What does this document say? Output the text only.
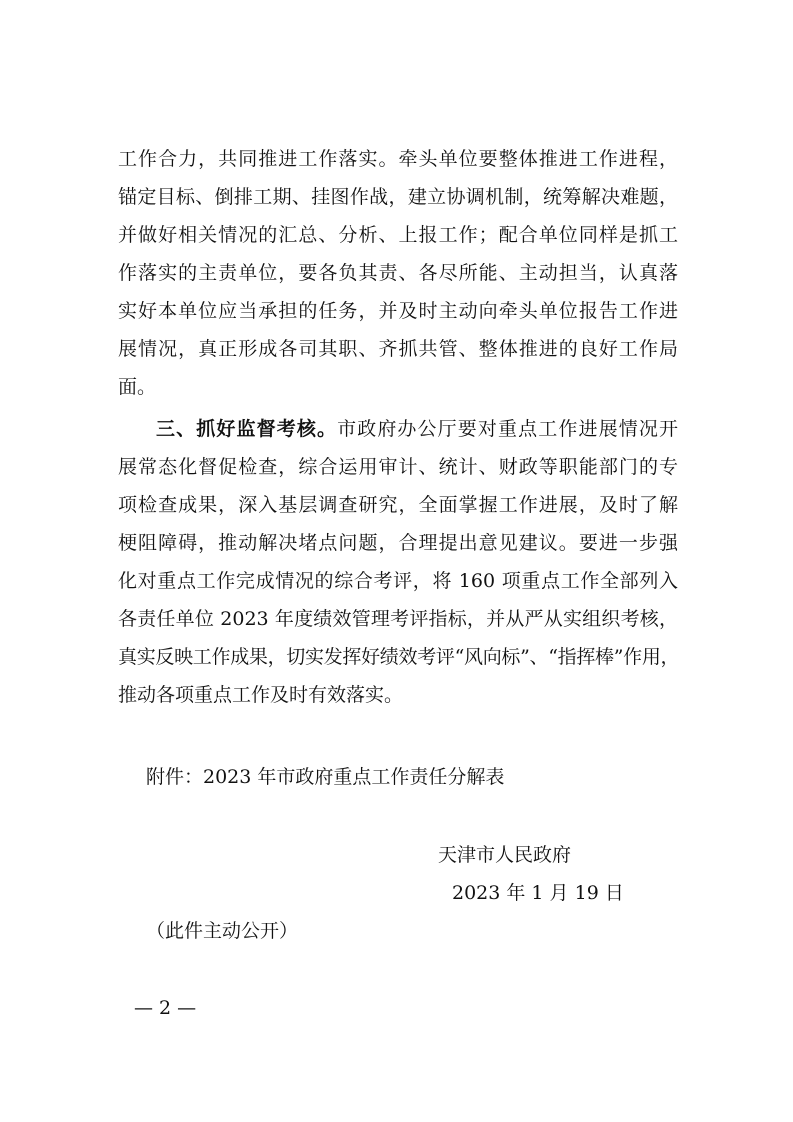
工作合力，共同推进工作落实。牵头单位要整体推进工作进程，
锚定目标、倒排工期、挂图作战，建立协调机制，统筹解决难题，
并做好相关情况的汇总、分析、上报工作；配合单位同样是抓工
作落实的主责单位，要各负其责、各尽所能、主动担当，认真落
实好本单位应当承担的任务，并及时主动向牵头单位报告工作进
展情况，真正形成各司其职、齐抓共管、整体推进的良好工作局
面。
三、抓好监督考核。市政府办公厅要对重点工作进展情况开
展常态化督促检查，综合运用审计、统计、财政等职能部门的专
项检查成果，深入基层调查研究，全面掌握工作进展，及时了解
梗阻障碍，推动解决堵点问题，合理提出意见建议。要进一步强
化对重点工作完成情况的综合考评，将 160 项重点工作全部列入
各责任单位 2023 年度绩效管理考评指标，并从严从实组织考核，
真实反映工作成果，切实发挥好绩效考评“风向标”、“指挥棒”作用，
推动各项重点工作及时有效落实。
附件：2023 年市政府重点工作责任分解表
天津市人民政府
2023 年 1 月 19 日
（此件主动公开）
— 2 —
